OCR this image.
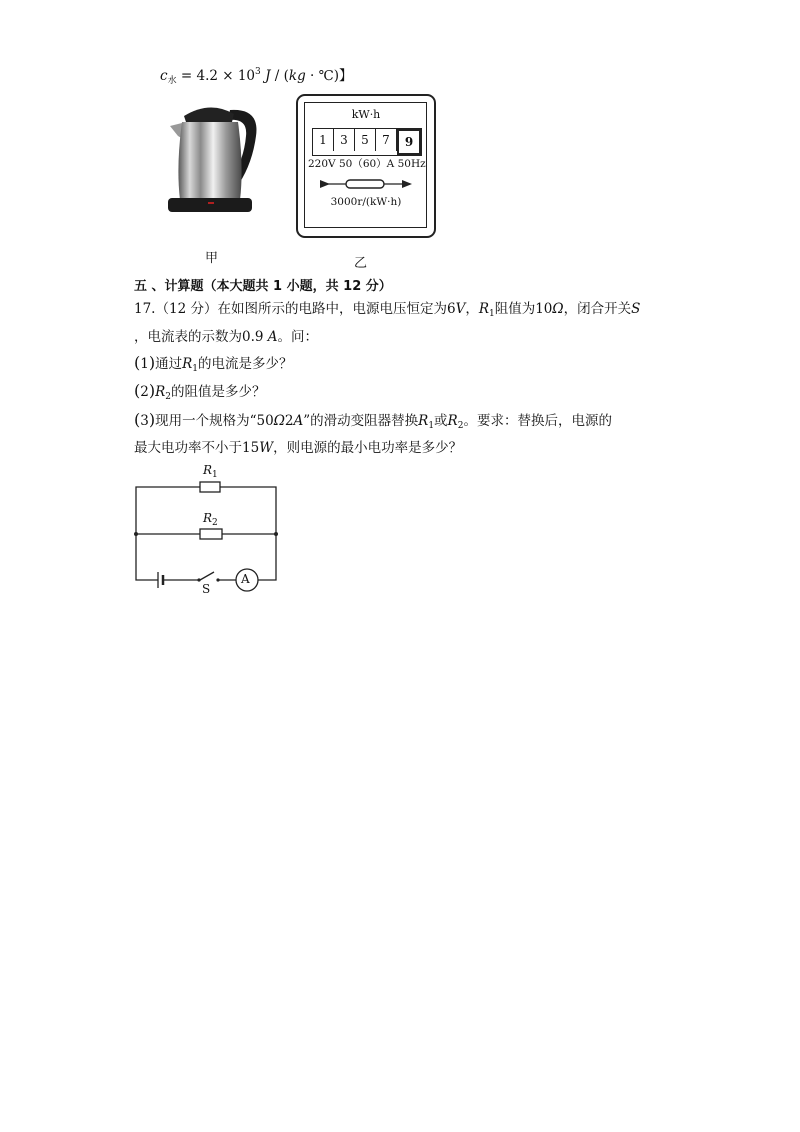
$c_水 = 4.2 \times 10^3$ J / (kg · ℃)】
kW·h
1	3	5	7	9
220V 50（60）A 50Hz
3000r/(kW·h)
甲	乙
五 、计算题（本大题共 1 小题，共 12 分）
17.（12 分）在如图所示的电路中，电源电压恒定为6V，$R_1$阻值为10Ω，闭合开关S
，电流表的示数为0.9 A。问：
(1)通过$R_1$的电流是多少？
$(2)R_2$的阻值是多少？
(3)现用一个规格为“50Ω2A”的滑动变阻器替换$R_1$或$R_2$。要求：替换后，电源的
最大电功率不小于15W，则电源的最小电功率是多少？
$R_1$
$R_2$
S
A
